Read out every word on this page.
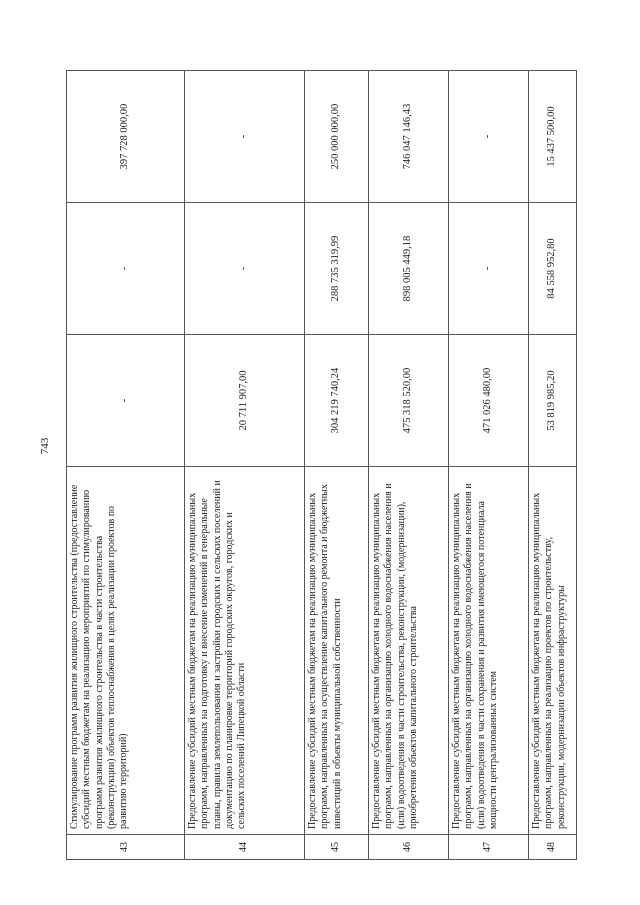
743
43	Стимулирование программ развития жилищного строительства (предоставление субсидий местным бюджетам на реализацию мероприятий по стимулированию программ развития жилищного строительства в части строительства (реконструкции) объектов теплоснабжения в целях реализации проектов по развитию территорий)	-	-	397 728 000,00
44	Предоставление субсидий местным бюджетам на реализацию муниципальных программ, направленных на подготовку и внесение изменений в генеральные планы, правила землепользования и застройки городских и сельских поселений и документацию по планировке территорий городских округов, городских и сельских поселений Липецкой области	20 711 907,00	-	-
45	Предоставление субсидий местным бюджетам на реализацию муниципальных программ, направленных на осуществление капитального ремонта и бюджетных инвестиций в объекты муниципальной собственности	304 219 740,24	288 735 319,99	250 000 000,00
46	Предоставление субсидий местным бюджетам на реализацию муниципальных программ, направленных на организацию холодного водоснабжения населения и (или) водоотведения в части строительства, реконструкции, (модернизации), приобретения объектов капитального строительства	475 318 520,00	898 005 449,18	746 047 146,43
47	Предоставление субсидий местным бюджетам на реализацию муниципальных программ, направленных на организацию холодного водоснабжения населения и (или) водоотведения в части сохранения и развития имеющегося потенциала мощности централизованных систем	471 026 480,00	-	-
48	Предоставление субсидий местным бюджетам на реализацию муниципальных программ, направленных на реализацию проектов по строительству, реконструкции, модернизации объектов инфраструктуры	53 819 985,20	84 558 952,80	15 437 500,00
